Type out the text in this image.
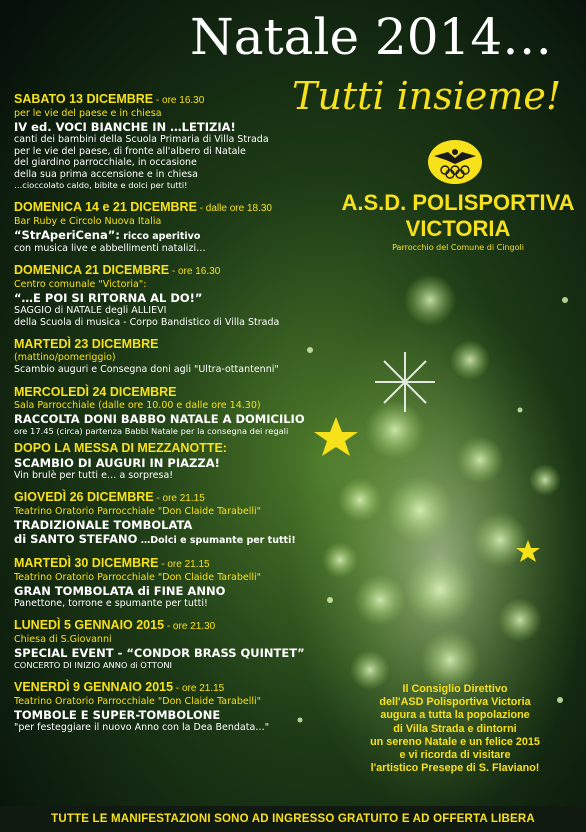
Natale 2014…
Tutti insieme!
A.S.D. POLISPORTIVA
VICTORIA
Parrocchio del Comune di Cingoli
SABATO 13 DICEMBRE - ore 16.30
per le vie del paese e in chiesa
IV ed. VOCI BIANCHE IN …LETIZIA!
canti dei bambini della Scuola Primaria di Villa Strada
per le vie del paese, di fronte all'albero di Natale
del giardino parrocchiale, in occasione
della sua prima accensione e in chiesa
…cioccolato caldo, bibite e dolci per tutti!
DOMENICA 14 e 21 DICEMBRE - dalle ore 18.30
Bar Ruby e Circolo Nuova Italia
“StrAperiCena”: ricco aperitivo
con musica live e abbellimenti natalizi…
DOMENICA 21 DICEMBRE - ore 16.30
Centro comunale "Victoria":
“…E POI SI RITORNA AL DO!”
SAGGIO di NATALE degli ALLIEVI
della Scuola di musica - Corpo Bandistico di Villa Strada
MARTEDÌ 23 DICEMBRE
(mattino/pomeriggio)
Scambio auguri e Consegna doni agli "Ultra-ottantenni"
MERCOLEDÌ 24 DICEMBRE
Sala Parrocchiale (dalle ore 10.00 e dalle ore 14.30)
RACCOLTA DONI BABBO NATALE A DOMICILIO
ore 17.45 (circa) partenza Babbi Natale per la consegna dei regali
DOPO LA MESSA DI MEZZANOTTE:
SCAMBIO DI AUGURI IN PIAZZA!
Vin brulè per tutti e… a sorpresa!
GIOVEDÌ 26 DICEMBRE - ore 21.15
Teatrino Oratorio Parrocchiale "Don Claide Tarabelli"
TRADIZIONALE TOMBOLATA
di SANTO STEFANO …Dolci e spumante per tutti!
MARTEDÌ 30 DICEMBRE - ore 21.15
Teatrino Oratorio Parrocchiale "Don Claide Tarabelli"
GRAN TOMBOLATA di FINE ANNO
Panettone, torrone e spumante per tutti!
LUNEDÌ 5 GENNAIO 2015 - ore 21.30
Chiesa di S.Giovanni
SPECIAL EVENT - “CONDOR BRASS QUINTET”
CONCERTO DI INIZIO ANNO di OTTONI
VENERDÌ 9 GENNAIO 2015 - ore 21.15
Teatrino Oratorio Parrocchiale "Don Claide Tarabelli"
TOMBOLE E SUPER-TOMBOLONE
"per festeggiare il nuovo Anno con la Dea Bendata…"
Il Consiglio Direttivo
dell'ASD Polisportiva Victoria
augura a tutta la popolazione
di Villa Strada e dintorni
un sereno Natale e un felice 2015
e vi ricorda di visitare
l'artistico Presepe di S. Flaviano!
TUTTE LE MANIFESTAZIONI SONO AD INGRESSO GRATUITO E AD OFFERTA LIBERA
